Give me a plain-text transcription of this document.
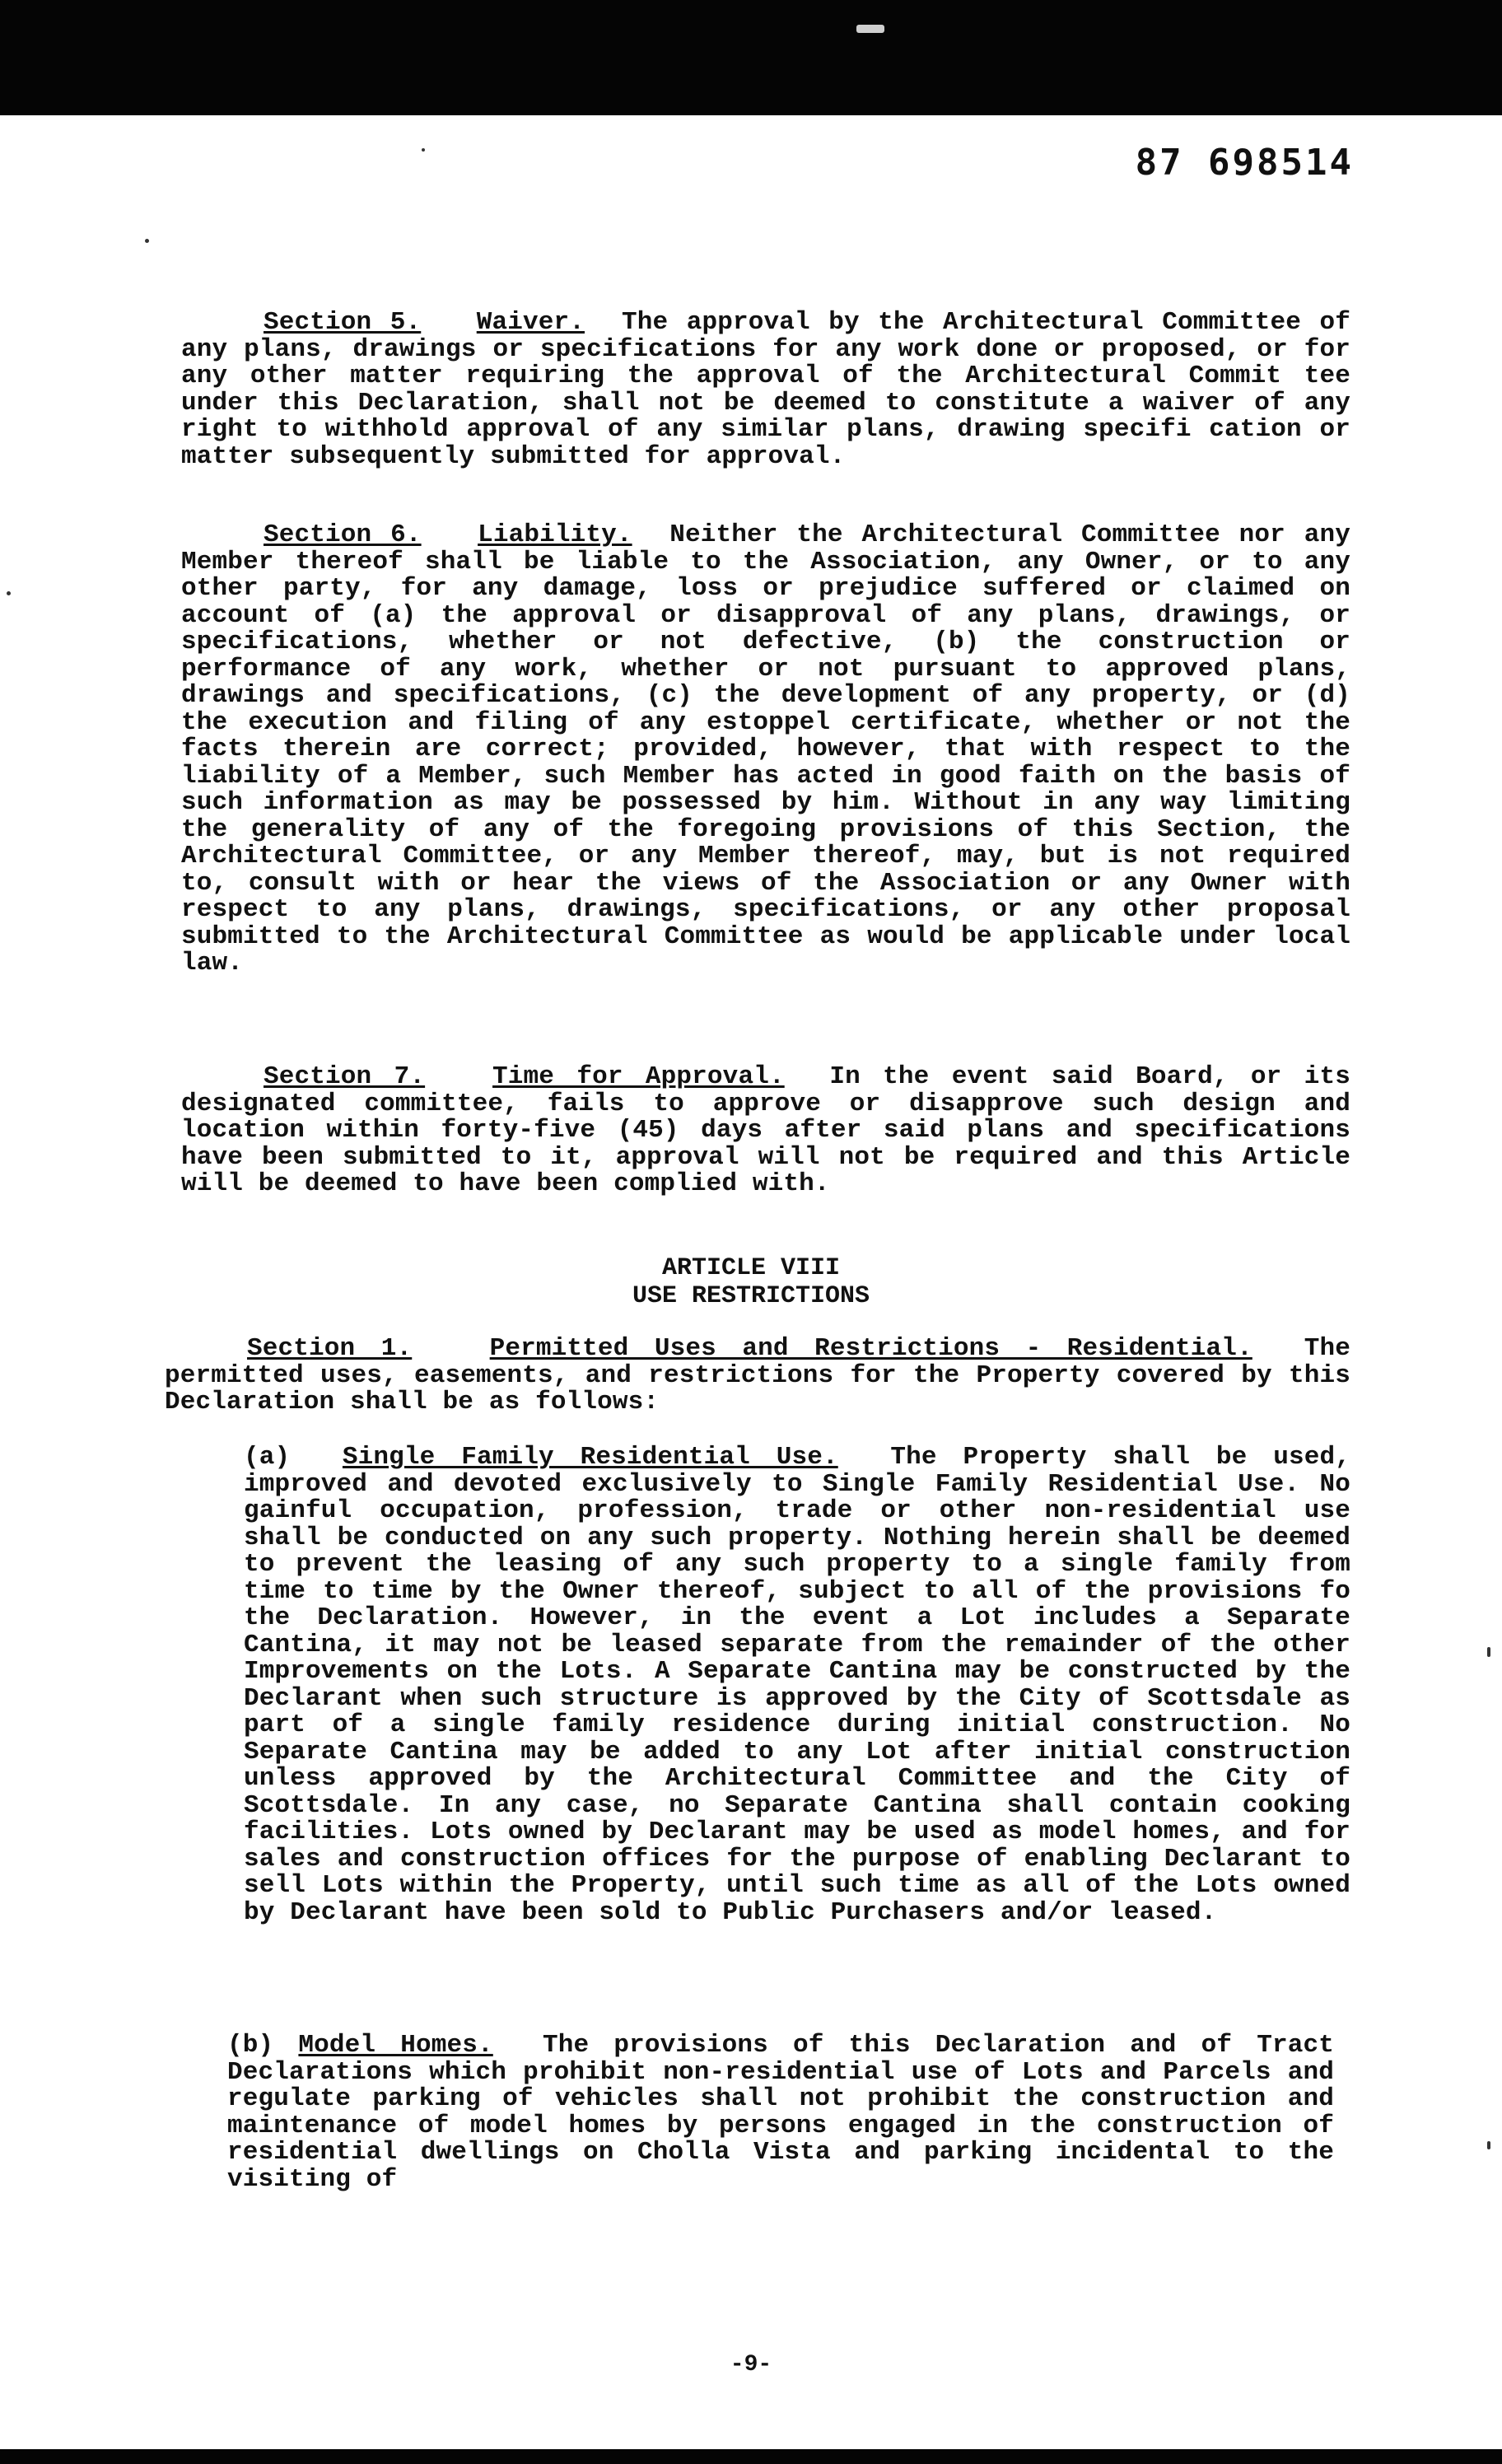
87 698514
Section 5. Waiver. The approval by the Architectural Committee of any plans, drawings or specifications for any work done or proposed, or for any other matter requiring the approval of the Architectural Commit tee under this Declaration, shall not be deemed to constitute a waiver of any right to withhold approval of any similar plans, drawing specifi cation or matter subsequently submitted for approval.
Section 6. Liability. Neither the Architectural Committee nor any Member thereof shall be liable to the Association, any Owner, or to any other party, for any damage, loss or prejudice suffered or claimed on account of (a) the approval or disapproval of any plans, drawings, or specifications, whether or not defective, (b) the construction or performance of any work, whether or not pursuant to approved plans, drawings and specifications, (c) the development of any property, or (d) the execution and filing of any estoppel certificate, whether or not the facts therein are correct; provided, however, that with respect to the liability of a Member, such Member has acted in good faith on the basis of such information as may be possessed by him. Without in any way limiting the generality of any of the foregoing provisions of this Section, the Architectural Committee, or any Member thereof, may, but is not required to, consult with or hear the views of the Association or any Owner with respect to any plans, drawings, specifications, or any other proposal submitted to the Architectural Committee as would be applicable under local law.
Section 7.	Time for Approval. In the event said Board, or its designated committee, fails to approve or disapprove such design and location within forty-five (45) days after said plans and specifications have been submitted to it, approval will not be required and this Article will be deemed to have been complied with.
ARTICLE VIII
USE RESTRICTIONS
Section 1.	Permitted Uses and Restrictions - Residential. The permitted uses, easements, and restrictions for the Property covered by this Declaration shall be as follows:
(a) Single Family Residential Use. The Property shall be used, improved and devoted exclusively to Single Family Residential Use. No gainful occupation, profession, trade or other non-residential use shall be conducted on any such property. Nothing herein shall be deemed to prevent the leasing of any such property to a single family from time to time by the Owner thereof, subject to all of the provisions fo the Declaration. However, in the event a Lot includes a Separate Cantina, it may not be leased separate from the remainder of the other Improvements on the Lots. A Separate Cantina may be constructed by the Declarant when such structure is approved by the City of Scottsdale as part of a single family residence during initial construction. No Separate Cantina may be added to any Lot after initial construction unless approved by the Architectural Committee and the City of Scottsdale. In any case, no Separate Cantina shall contain cooking facilities. Lots owned by Declarant may be used as model homes, and for sales and construction offices for the purpose of enabling Declarant to sell Lots within the Property, until such time as all of the Lots owned by Declarant have been sold to Public Purchasers and/or leased.
(b) Model Homes. The provisions of this Declaration and of Tract Declarations which prohibit non-residential use of Lots and Parcels and regulate parking of vehicles shall not prohibit the construction and maintenance of model homes by persons engaged in the construction of residential dwellings on Cholla Vista and parking incidental to the visiting of
-9-
